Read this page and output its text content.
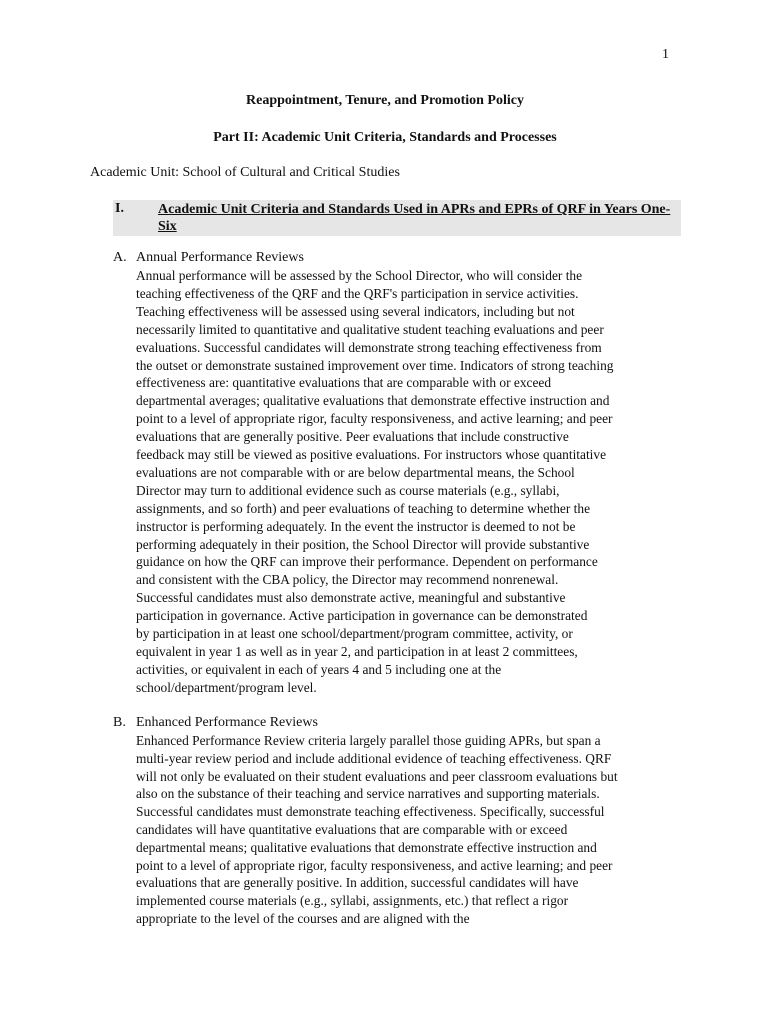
1
Reappointment, Tenure, and Promotion Policy
Part II: Academic Unit Criteria, Standards and Processes
Academic Unit: School of Cultural and Critical Studies
I. Academic Unit Criteria and Standards Used in APRs and EPRs of QRF in Years One-Six
A. Annual Performance Reviews
Annual performance will be assessed by the School Director, who will consider the
teaching effectiveness of the QRF and the QRF's participation in service activities.
Teaching effectiveness will be assessed using several indicators, including but not
necessarily limited to quantitative and qualitative student teaching evaluations and peer
evaluations. Successful candidates will demonstrate strong teaching effectiveness from
the outset or demonstrate sustained improvement over time. Indicators of strong teaching
effectiveness are: quantitative evaluations that are comparable with or exceed
departmental averages; qualitative evaluations that demonstrate effective instruction and
point to a level of appropriate rigor, faculty responsiveness, and active learning; and peer
evaluations that are generally positive. Peer evaluations that include constructive
feedback may still be viewed as positive evaluations. For instructors whose quantitative
evaluations are not comparable with or are below departmental means, the School
Director may turn to additional evidence such as course materials (e.g., syllabi,
assignments, and so forth) and peer evaluations of teaching to determine whether the
instructor is performing adequately. In the event the instructor is deemed to not be
performing adequately in their position, the School Director will provide substantive
guidance on how the QRF can improve their performance. Dependent on performance
and consistent with the CBA policy, the Director may recommend nonrenewal.
Successful candidates must also demonstrate active, meaningful and substantive
participation in governance. Active participation in governance can be demonstrated
by participation in at least one school/department/program committee, activity, or
equivalent in year 1 as well as in year 2, and participation in at least 2 committees,
activities, or equivalent in each of years 4 and 5 including one at the
school/department/program level.
B. Enhanced Performance Reviews
Enhanced Performance Review criteria largely parallel those guiding APRs, but span a
multi-year review period and include additional evidence of teaching effectiveness. QRF
will not only be evaluated on their student evaluations and peer classroom evaluations but
also on the substance of their teaching and service narratives and supporting materials.
Successful candidates must demonstrate teaching effectiveness. Specifically, successful
candidates will have quantitative evaluations that are comparable with or exceed
departmental means; qualitative evaluations that demonstrate effective instruction and
point to a level of appropriate rigor, faculty responsiveness, and active learning; and peer
evaluations that are generally positive. In addition, successful candidates will have
implemented course materials (e.g., syllabi, assignments, etc.) that reflect a rigor
appropriate to the level of the courses and are aligned with the
